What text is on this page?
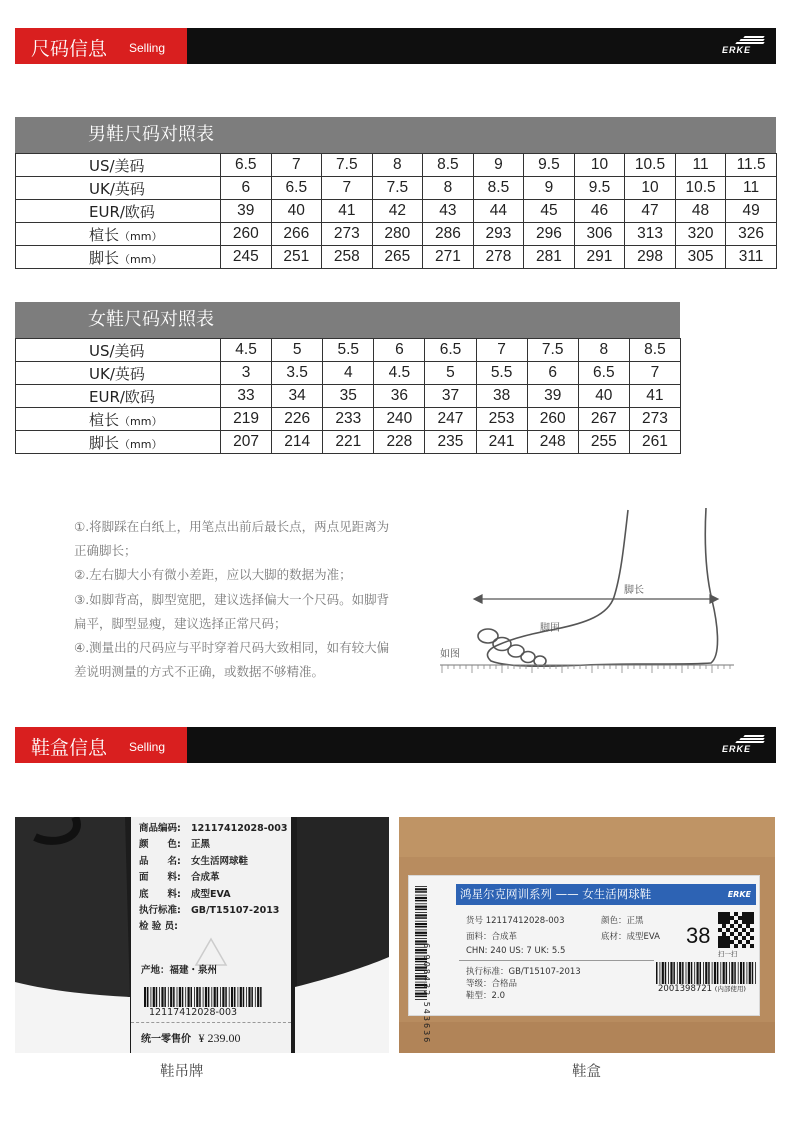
尺码信息 Selling	ERKE
男鞋尺码对照表
US/美码	6.5	7	7.5	8	8.5	9	9.5	10	10.5	11	11.5
UK/英码	6	6.5	7	7.5	8	8.5	9	9.5	10	10.5	11
EUR/欧码	39	40	41	42	43	44	45	46	47	48	49
楦长（mm）	260	266	273	280	286	293	296	306	313	320	326
脚长（mm）	245	251	258	265	271	278	281	291	298	305	311
女鞋尺码对照表
US/美码	4.5	5	5.5	6	6.5	7	7.5	8	8.5
UK/英码	3	3.5	4	4.5	5	5.5	6	6.5	7
EUR/欧码	33	34	35	36	37	38	39	40	41
楦长（mm）	219	226	233	240	247	253	260	267	273
脚长（mm）	207	214	221	228	235	241	248	255	261

①.将脚踩在白纸上，用笔点出前后最长点，两点见距离为

正确脚长；

②.左右脚大小有微小差距，应以大脚的数据为准；

③.如脚背高，脚型宽肥，建议选择偏大一个尺码。如脚背

扁平，脚型显瘦，建议选择正常尺码；

④.测量出的尺码应与平时穿着尺码大致相同，如有较大偏

差说明测量的方式不正确，或数据不够精准。

脚长
脚围
如图
鞋盒信息 Selling	ERKE
商品编码: 12117412028-003
颜　　色: 正黑
品　　名: 女生活网球鞋
面　　料: 合成革
底　　料: 成型EVA
执行标准: GB/T15107-2013
检 验 员:
产地：福建・泉州
12117412028-003
统一零售价 ¥ 239.00
鞋吊牌
6 908432 543636
鸿星尔克网训系列 —— 女生活网球鞋	ERKE
货号 12117412028-003	颜色：正黑
面料：合成革	底材：成型EVA
CHN: 240 US: 7 UK: 5.5
38
扫一扫
执行标准：GB/T15107-2013
等级：合格品
鞋型：2.0
2001398721 (内部使用)
鞋盒
